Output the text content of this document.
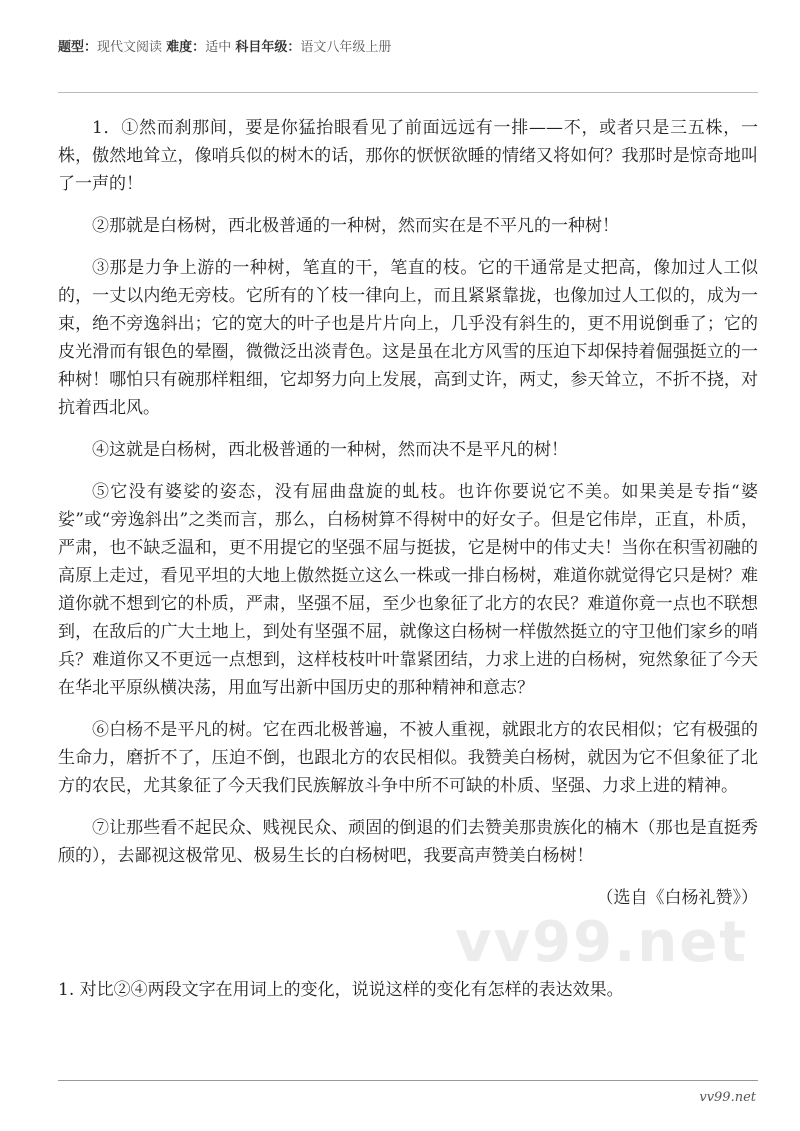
题型：现代文阅读 难度：适中 科目年级：语文八年级上册

1．①然而刹那间，要是你猛抬眼看见了前面远远有一排——不，或者只是三五株，一株，傲然地耸立，像哨兵似的树木的话，那你的恹恹欲睡的情绪又将如何？我那时是惊奇地叫了一声的！

②那就是白杨树，西北极普通的一种树，然而实在是不平凡的一种树！

③那是力争上游的一种树，笔直的干，笔直的枝。它的干通常是丈把高，像加过人工似的，一丈以内绝无旁枝。它所有的丫枝一律向上，而且紧紧靠拢，也像加过人工似的，成为一束，绝不旁逸斜出；它的宽大的叶子也是片片向上，几乎没有斜生的，更不用说倒垂了；它的皮光滑而有银色的晕圈，微微泛出淡青色。这是虽在北方风雪的压迫下却保持着倔强挺立的一种树！哪怕只有碗那样粗细，它却努力向上发展，高到丈许，两丈，参天耸立，不折不挠，对抗着西北风。

④这就是白杨树，西北极普通的一种树，然而决不是平凡的树！

⑤它没有婆娑的姿态，没有屈曲盘旋的虬枝。也许你要说它不美。如果美是专指“婆娑”或“旁逸斜出”之类而言，那么，白杨树算不得树中的好女子。但是它伟岸，正直，朴质，严肃，也不缺乏温和，更不用提它的坚强不屈与挺拔，它是树中的伟丈夫！当你在积雪初融的高原上走过，看见平坦的大地上傲然挺立这么一株或一排白杨树，难道你就觉得它只是树？难道你就不想到它的朴质，严肃，坚强不屈，至少也象征了北方的农民？难道你竟一点也不联想到，在敌后的广大土地上，到处有坚强不屈，就像这白杨树一样傲然挺立的守卫他们家乡的哨兵？难道你又不更远一点想到，这样枝枝叶叶靠紧团结，力求上进的白杨树，宛然象征了今天在华北平原纵横决荡，用血写出新中国历史的那种精神和意志？

⑥白杨不是平凡的树。它在西北极普遍，不被人重视，就跟北方的农民相似；它有极强的生命力，磨折不了，压迫不倒，也跟北方的农民相似。我赞美白杨树，就因为它不但象征了北方的农民，尤其象征了今天我们民族解放斗争中所不可缺的朴质、坚强、力求上进的精神。

⑦让那些看不起民众、贱视民众、顽固的倒退的们去赞美那贵族化的楠木（那也是直挺秀颀的），去鄙视这极常见、极易生长的白杨树吧，我要高声赞美白杨树！

（选自《白杨礼赞》）
vv99.net
1. 对比②④两段文字在用词上的变化，说说这样的变化有怎样的表达效果。
vv99.net
